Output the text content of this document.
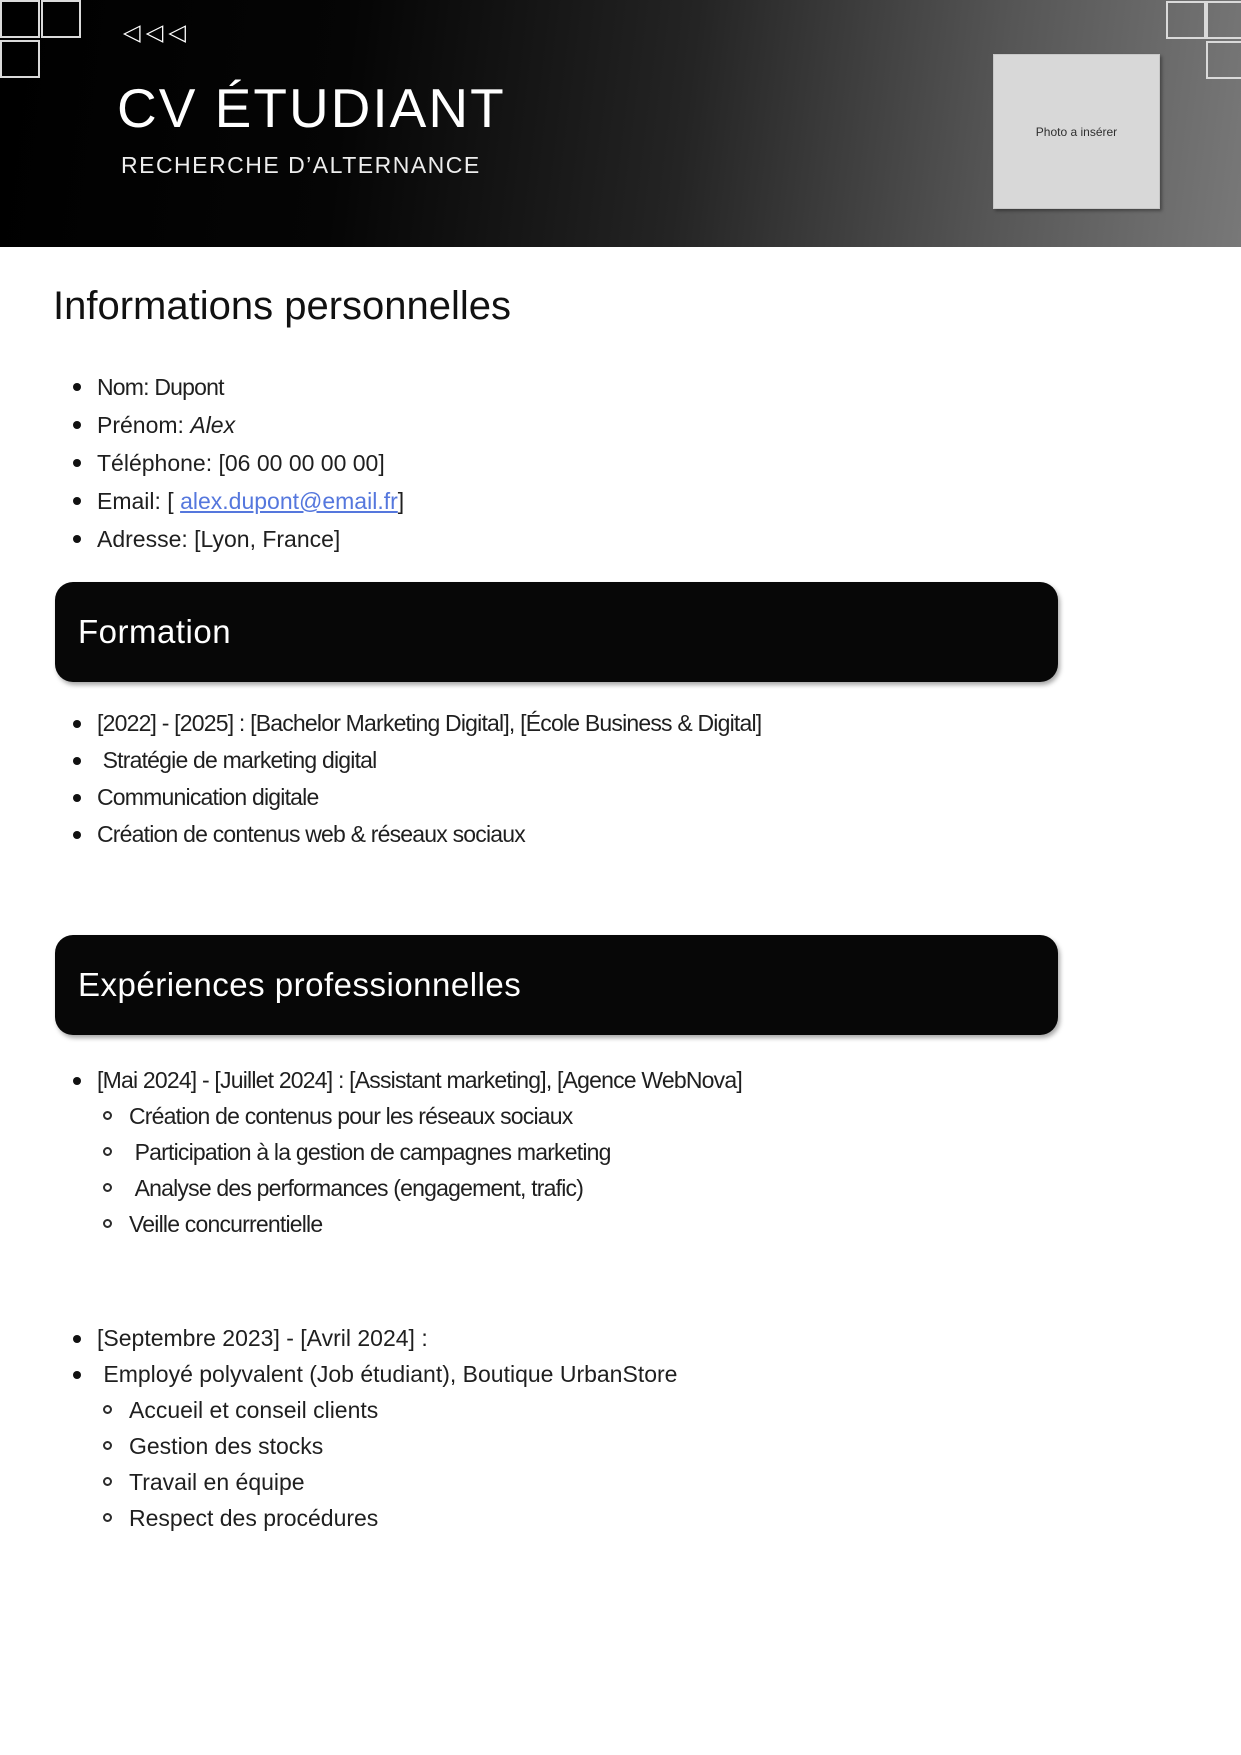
◁◁◁
CV ÉTUDIANT
RECHERCHE D’ALTERNANCE
Photo a insérer
Informations personnelles
Nom: Dupont
Prénom: Alex
Téléphone: [06 00 00 00 00]
Email: [ alex.dupont@email.fr]
Adresse: [Lyon, France]
Formation
[2022] - [2025] : [Bachelor Marketing Digital], [École Business & Digital]
Stratégie de marketing digital
Communication digitale
Création de contenus web & réseaux sociaux
Expériences professionnelles
[Mai 2024] - [Juillet 2024] : [Assistant marketing], [Agence WebNova]
Création de contenus pour les réseaux sociaux
Participation à la gestion de campagnes marketing
Analyse des performances (engagement, trafic)
Veille concurrentielle
[Septembre 2023] - [Avril 2024] :
Employé polyvalent (Job étudiant), Boutique UrbanStore
Accueil et conseil clients
Gestion des stocks
Travail en équipe
Respect des procédures
